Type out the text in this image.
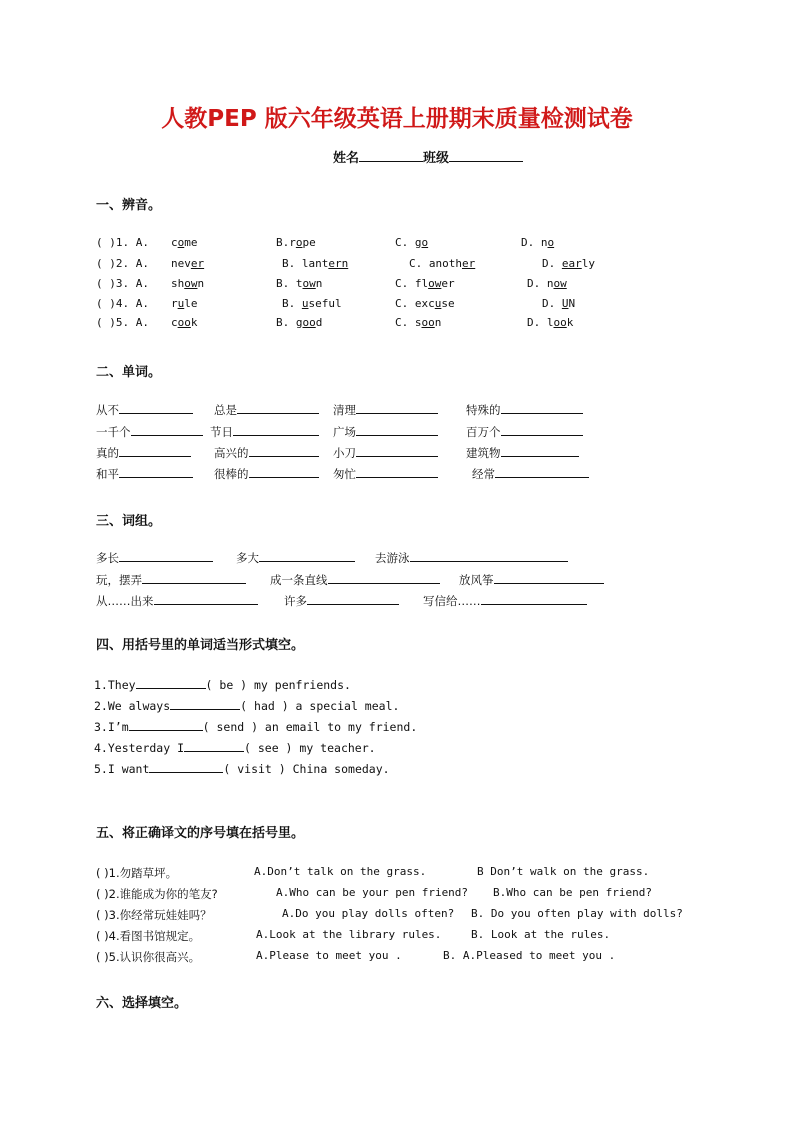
人教PEP 版六年级英语上册期末质量检测试卷
姓名	班级
一、辨音。
( )1. A. come	B.rope	C. go	D. no
( )2. A. never	B. lantern	C. another	D. early
( )3. A. shown	B. town	C. flower	D. now
( )4. A. rule	B. useful	C. excuse	D. UN
( )5. A. cook	B. good	C. soon	D. look
二、单词。
从不	总是	清理	特殊的
一千个	节日	广场	百万个
真的	高兴的	小刀	建筑物
和平	很棒的	匆忙	经常
三、词组。
多长	多大	去游泳
玩，摆弄	成一条直线	放风筝
从……出来	许多	写信给……
四、用括号里的单词适当形式填空。
1.They	( be ) my penfriends.
2.We always	( had ) a special meal.
3.I’m	( send ) an email to my friend.
4.Yesterday I	( see ) my teacher.
5.I want	( visit ) China someday.
五、将正确译文的序号填在括号里。
( )1.勿踏草坪。	A.Don’t talk on the grass.	B Don’t walk on the grass.
( )2.谁能成为你的笔友?	A.Who can be your pen friend? B.Who can be pen friend?
( )3.你经常玩娃娃吗？	A.Do you play dolls often? B. Do you often play with dolls?
( )4.看图书馆规定。	A.Look at the library rules.	B. Look at the rules.
( )5.认识你很高兴。	A.Please to meet you .	B. A.Pleased to meet you .
六、选择填空。
